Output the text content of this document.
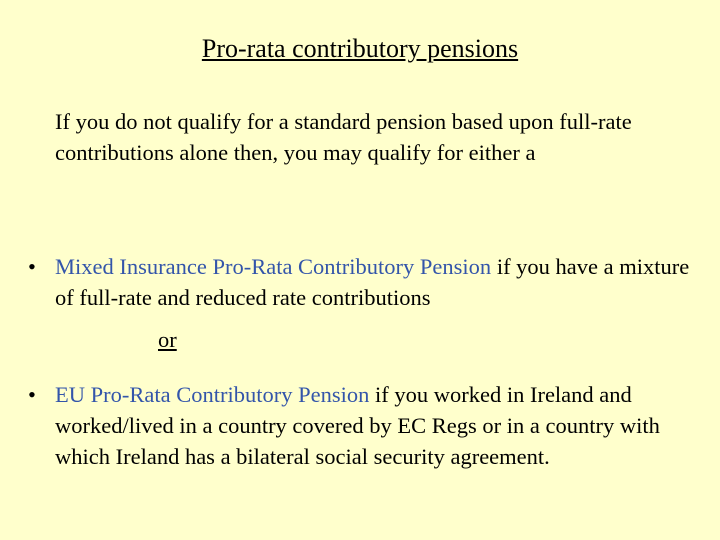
Pro-rata contributory pensions

If you do not qualify for a standard pension based upon full-rate contributions alone then, you may qualify for either a

• Mixed Insurance Pro-Rata Contributory Pension if you have a mixture of full-rate and reduced rate contributions

or

• EU Pro-Rata Contributory Pension if you worked in Ireland and worked/lived in a country covered by EC Regs or in a country with which Ireland has a bilateral social security agreement.
